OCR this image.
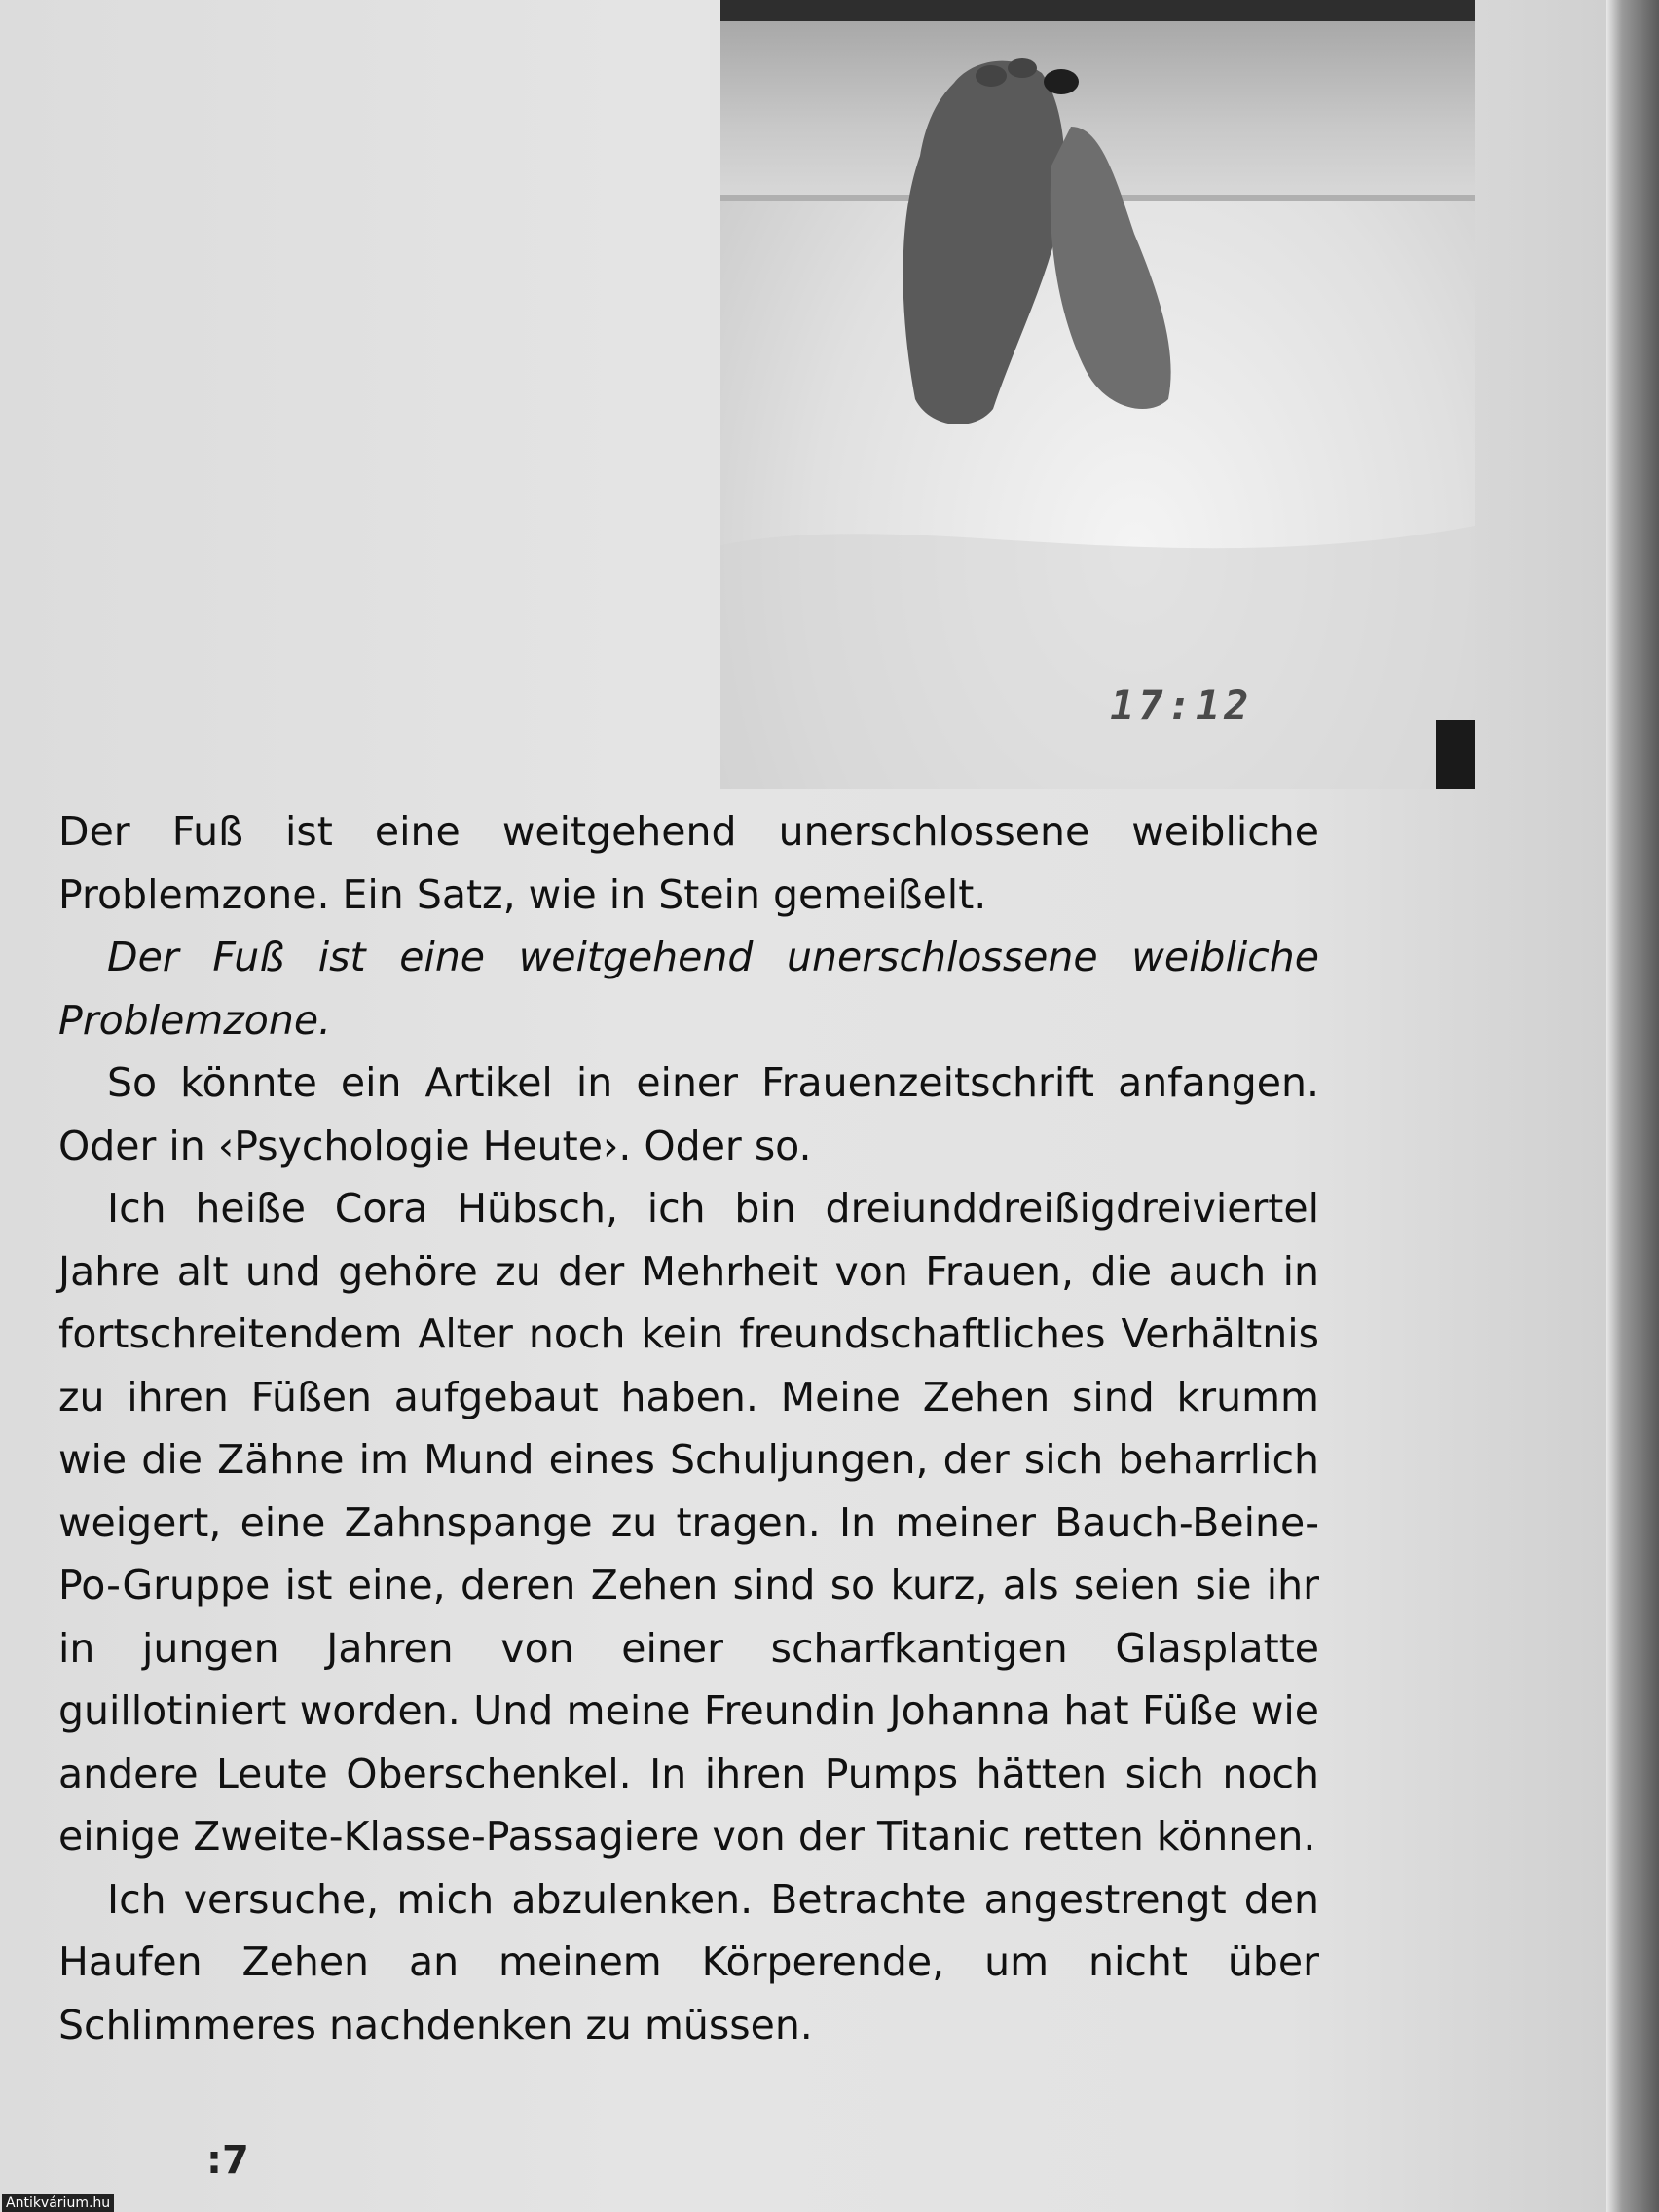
17:12

Der Fuß ist eine weitgehend unerschlossene weibliche Problemzone. Ein Satz, wie in Stein gemeißelt.

Der Fuß ist eine weitgehend unerschlossene weibliche Problemzone.

So könnte ein Artikel in einer Frauenzeitschrift anfangen. Oder in ‹Psychologie Heute›. Oder so.

Ich heiße Cora Hübsch, ich bin dreiunddreißigdreiviertel Jahre alt und gehöre zu der Mehrheit von Frauen, die auch in fortschreitendem Alter noch kein freundschaftliches Verhältnis zu ihren Füßen aufgebaut haben. Meine Zehen sind krumm wie die Zähne im Mund eines Schuljungen, der sich beharrlich weigert, eine Zahnspange zu tragen. In meiner Bauch-Beine-Po-Gruppe ist eine, deren Zehen sind so kurz, als seien sie ihr in jungen Jahren von einer scharfkantigen Glasplatte guillotiniert worden. Und meine Freundin Johanna hat Füße wie andere Leute Oberschenkel. In ihren Pumps hätten sich noch einige Zweite-Klasse-Passagiere von der Titanic retten können.

Ich versuche, mich abzulenken. Betrachte angestrengt den Haufen Zehen an meinem Körperende, um nicht über Schlimmeres nachdenken zu müssen.

:7
Antikvárium.hu
